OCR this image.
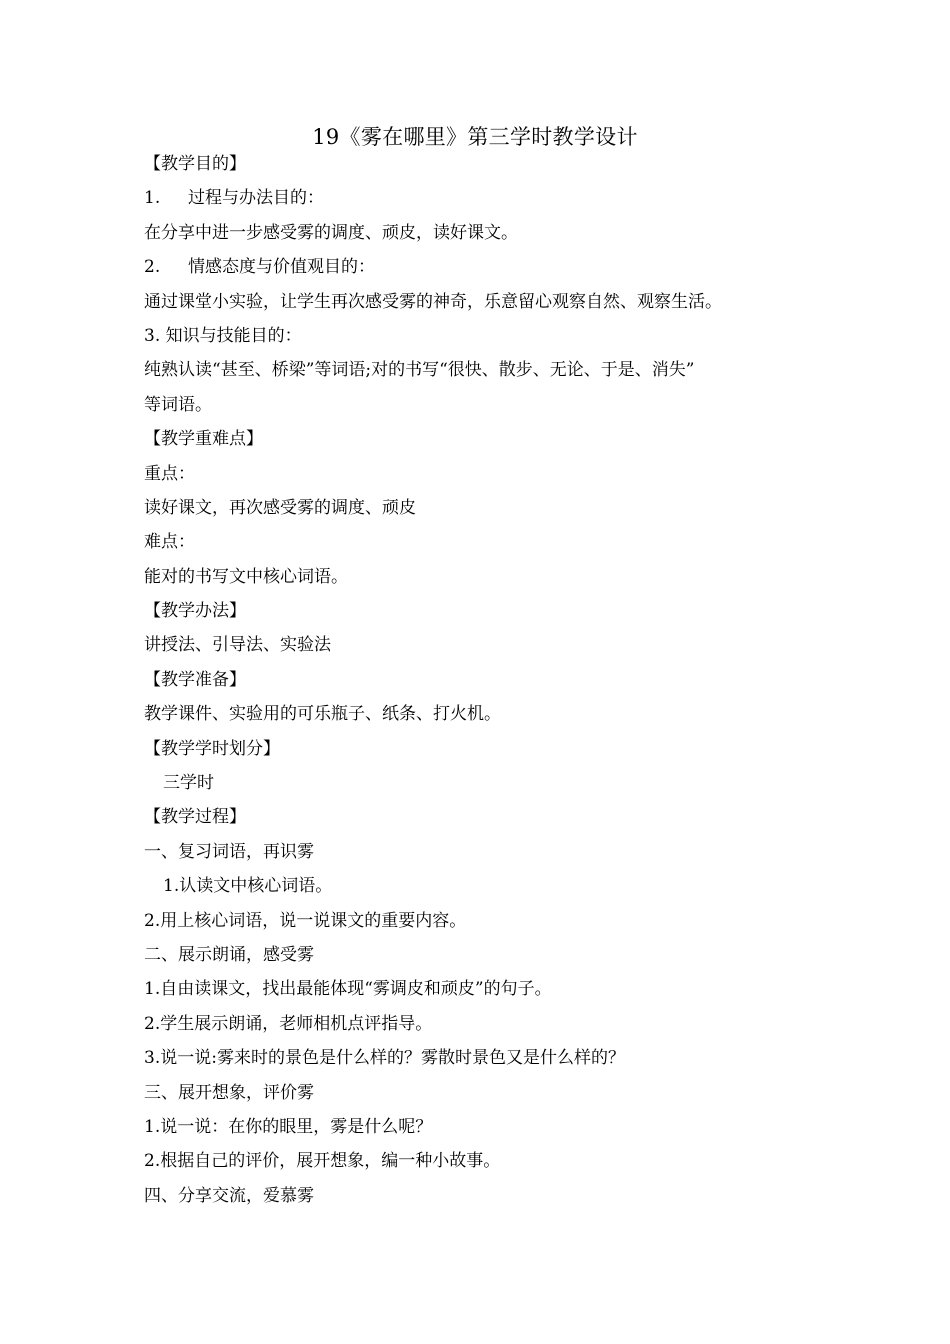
19《雾在哪里》第三学时教学设计
【教学目的】
1. 过程与办法目的：
在分享中进一步感受雾的调度、顽皮，读好课文。
2. 情感态度与价值观目的：
通过课堂小实验，让学生再次感受雾的神奇，乐意留心观察自然、观察生活。
3. 知识与技能目的：
纯熟认读“甚至、桥梁”等词语;对的书写“很快、散步、无论、于是、消失”
等词语。
【教学重难点】
重点：
读好课文，再次感受雾的调度、顽皮
难点：
能对的书写文中核心词语。
【教学办法】
讲授法、引导法、实验法
【教学准备】
教学课件、实验用的可乐瓶子、纸条、打火机。
【教学学时划分】
三学时
【教学过程】
一、复习词语，再识雾
1.认读文中核心词语。
2.用上核心词语，说一说课文的重要内容。
二、展示朗诵，感受雾
1.自由读课文，找出最能体现“雾调皮和顽皮”的句子。
2.学生展示朗诵，老师相机点评指导。
3.说一说:雾来时的景色是什么样的？雾散时景色又是什么样的？
三、展开想象，评价雾
1.说一说：在你的眼里，雾是什么呢？
2.根据自己的评价，展开想象，编一种小故事。
四、分享交流，爱慕雾
